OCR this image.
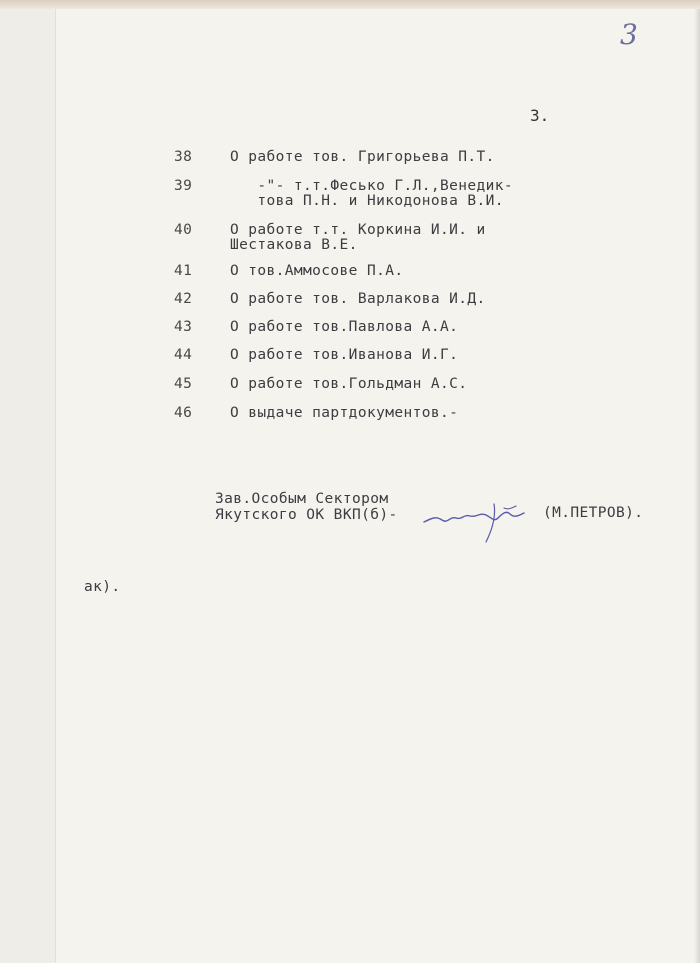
3
3.
38	О работе тов. Григорьева П.Т.
39	-"- т.т.Фесько Г.Л.,Венедик-
това П.Н. и Никодонова В.И.
40	О работе т.т. Коркина И.И. и
Шестакова В.Е.
41	О тов.Аммосове П.А.
42	О работе тов. Варлакова И.Д.
43	О работе тов.Павлова А.А.
44	О работе тов.Иванова И.Г.
45	О работе тов.Гольдман А.С.
46	О выдаче партдокументов.-
Зав.Особым Сектором
Якутского ОК ВКП(б)-	(М.ПЕТРОВ).
ак).
